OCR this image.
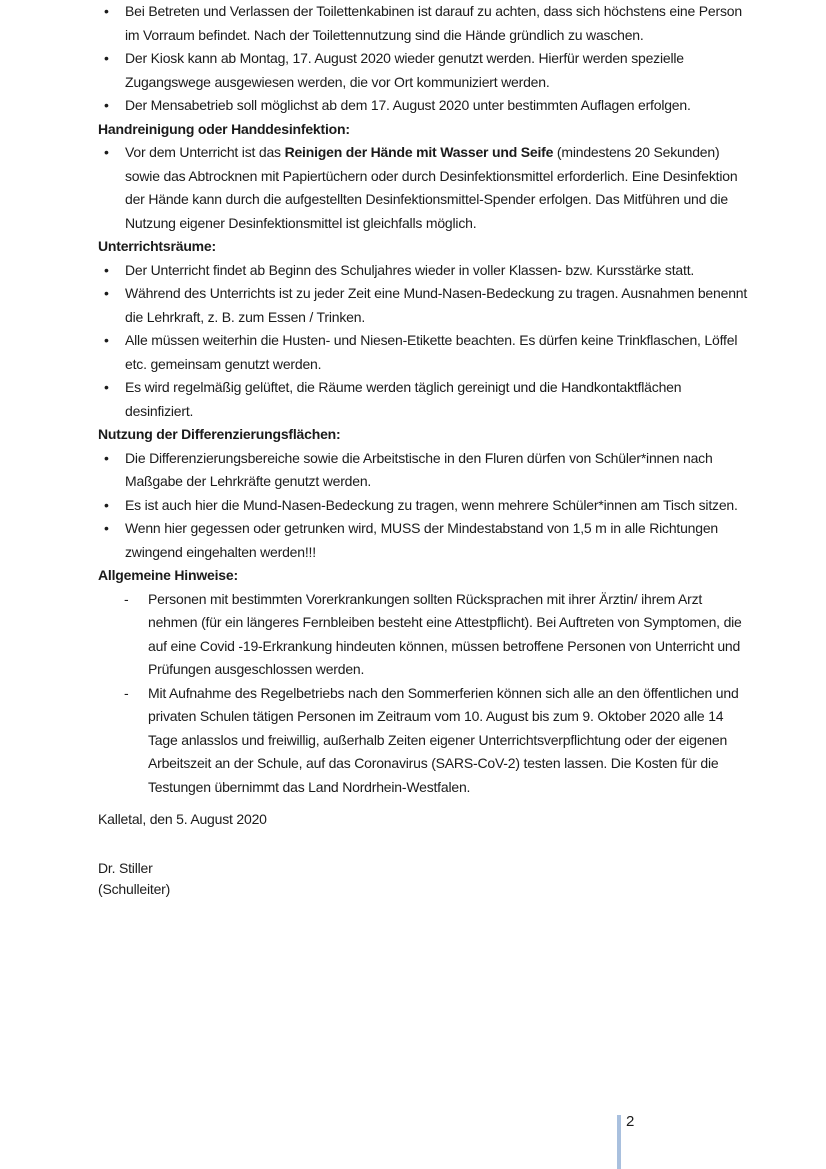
• Bei Betreten und Verlassen der Toilettenkabinen ist darauf zu achten, dass sich höchstens eine Person im Vorraum befindet. Nach der Toilettennutzung sind die Hände gründlich zu waschen.
• Der Kiosk kann ab Montag, 17. August 2020 wieder genutzt werden. Hierfür werden spezielle Zugangswege ausgewiesen werden, die vor Ort kommuniziert werden.
• Der Mensabetrieb soll möglichst ab dem 17. August 2020 unter bestimmten Auflagen erfolgen.
Handreinigung oder Handdesinfektion:
• Vor dem Unterricht ist das Reinigen der Hände mit Wasser und Seife (mindestens 20 Sekunden) sowie das Abtrocknen mit Papiertüchern oder durch Desinfektionsmittel erforderlich. Eine Desinfektion der Hände kann durch die aufgestellten Desinfektionsmittel-Spender erfolgen. Das Mitführen und die Nutzung eigener Desinfektionsmittel ist gleichfalls möglich.
Unterrichtsräume:
• Der Unterricht findet ab Beginn des Schuljahres wieder in voller Klassen- bzw. Kursstärke statt.
• Während des Unterrichts ist zu jeder Zeit eine Mund-Nasen-Bedeckung zu tragen. Ausnahmen benennt die Lehrkraft, z. B. zum Essen / Trinken.
• Alle müssen weiterhin die Husten- und Niesen-Etikette beachten. Es dürfen keine Trinkflaschen, Löffel etc. gemeinsam genutzt werden.
• Es wird regelmäßig gelüftet, die Räume werden täglich gereinigt und die Handkontaktflächen desinfiziert.
Nutzung der Differenzierungsflächen:
• Die Differenzierungsbereiche sowie die Arbeitstische in den Fluren dürfen von Schüler*innen nach Maßgabe der Lehrkräfte genutzt werden.
• Es ist auch hier die Mund-Nasen-Bedeckung zu tragen, wenn mehrere Schüler*innen am Tisch sitzen.
• Wenn hier gegessen oder getrunken wird, MUSS der Mindestabstand von 1,5 m in alle Richtungen zwingend eingehalten werden!!!
Allgemeine Hinweise:
- Personen mit bestimmten Vorerkrankungen sollten Rücksprachen mit ihrer Ärztin/ ihrem Arzt nehmen (für ein längeres Fernbleiben besteht eine Attestpflicht). Bei Auftreten von Symptomen, die auf eine Covid -19-Erkrankung hindeuten können, müssen betroffene Personen von Unterricht und Prüfungen ausgeschlossen werden.
- Mit Aufnahme des Regelbetriebs nach den Sommerferien können sich alle an den öffentlichen und privaten Schulen tätigen Personen im Zeitraum vom 10. August bis zum 9. Oktober 2020 alle 14 Tage anlasslos und freiwillig, außerhalb Zeiten eigener Unterrichtsverpflichtung oder der eigenen Arbeitszeit an der Schule, auf das Coronavirus (SARS-CoV-2) testen lassen. Die Kosten für die Testungen übernimmt das Land Nordrhein-Westfalen.

Kalletal, den 5. August 2020

Dr. Stiller
(Schulleiter)

2
